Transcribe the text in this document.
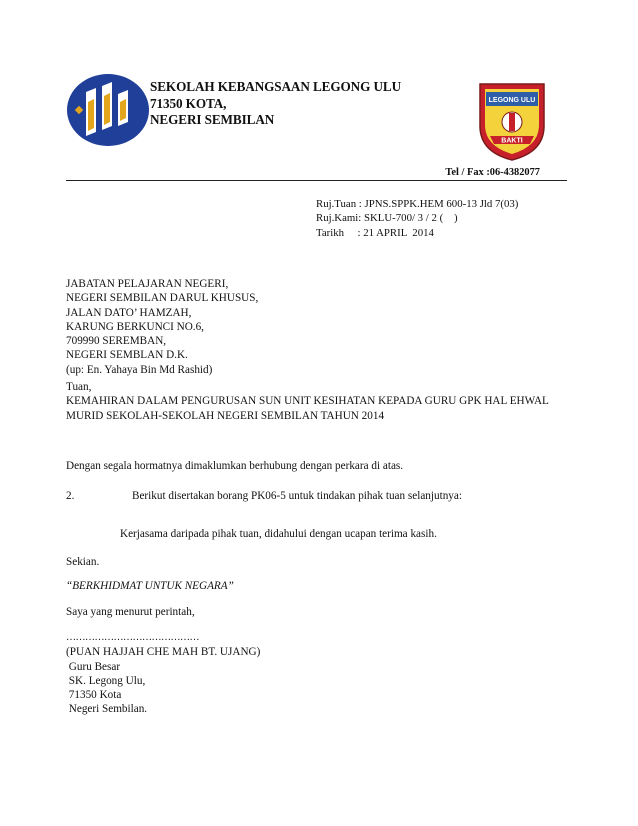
SEKOLAH KEBANGSAAN LEGONG ULU
71350 KOTA,
NEGERI SEMBILAN
LEGONG ULU
BAKTI
Tel / Fax :06-4382077
Ruj.Tuan : JPNS.SPPK.HEM 600-13 Jld 7(03)
Ruj.Kami: SKLU-700/ 3 / 2 (    )
Tarikh     : 21 APRIL  2014
JABATAN PELAJARAN NEGERI,
NEGERI SEMBILAN DARUL KHUSUS,
JALAN DATO’ HAMZAH,
KARUNG BERKUNCI NO.6,
709990 SEREMBAN,
NEGERI SEMBLAN D.K.
(up: En. Yahaya Bin Md Rashid)
Tuan,
KEMAHIRAN DALAM PENGURUSAN SUN UNIT KESIHATAN KEPADA GURU GPK HAL EHWAL
MURID SEKOLAH-SEKOLAH NEGERI SEMBILAN TAHUN 2014
Dengan segala hormatnya dimaklumkan berhubung dengan perkara di atas.
2.	Berikut disertakan borang PK06-5 untuk tindakan pihak tuan selanjutnya:
Kerjasama daripada pihak tuan, didahului dengan ucapan terima kasih.
Sekian.
“BERKHIDMAT UNTUK NEGARA”
Saya yang menurut perintah,
……………………………………
(PUAN HAJJAH CHE MAH BT. UJANG)
Guru Besar
SK. Legong Ulu,
71350 Kota
Negeri Sembilan.
